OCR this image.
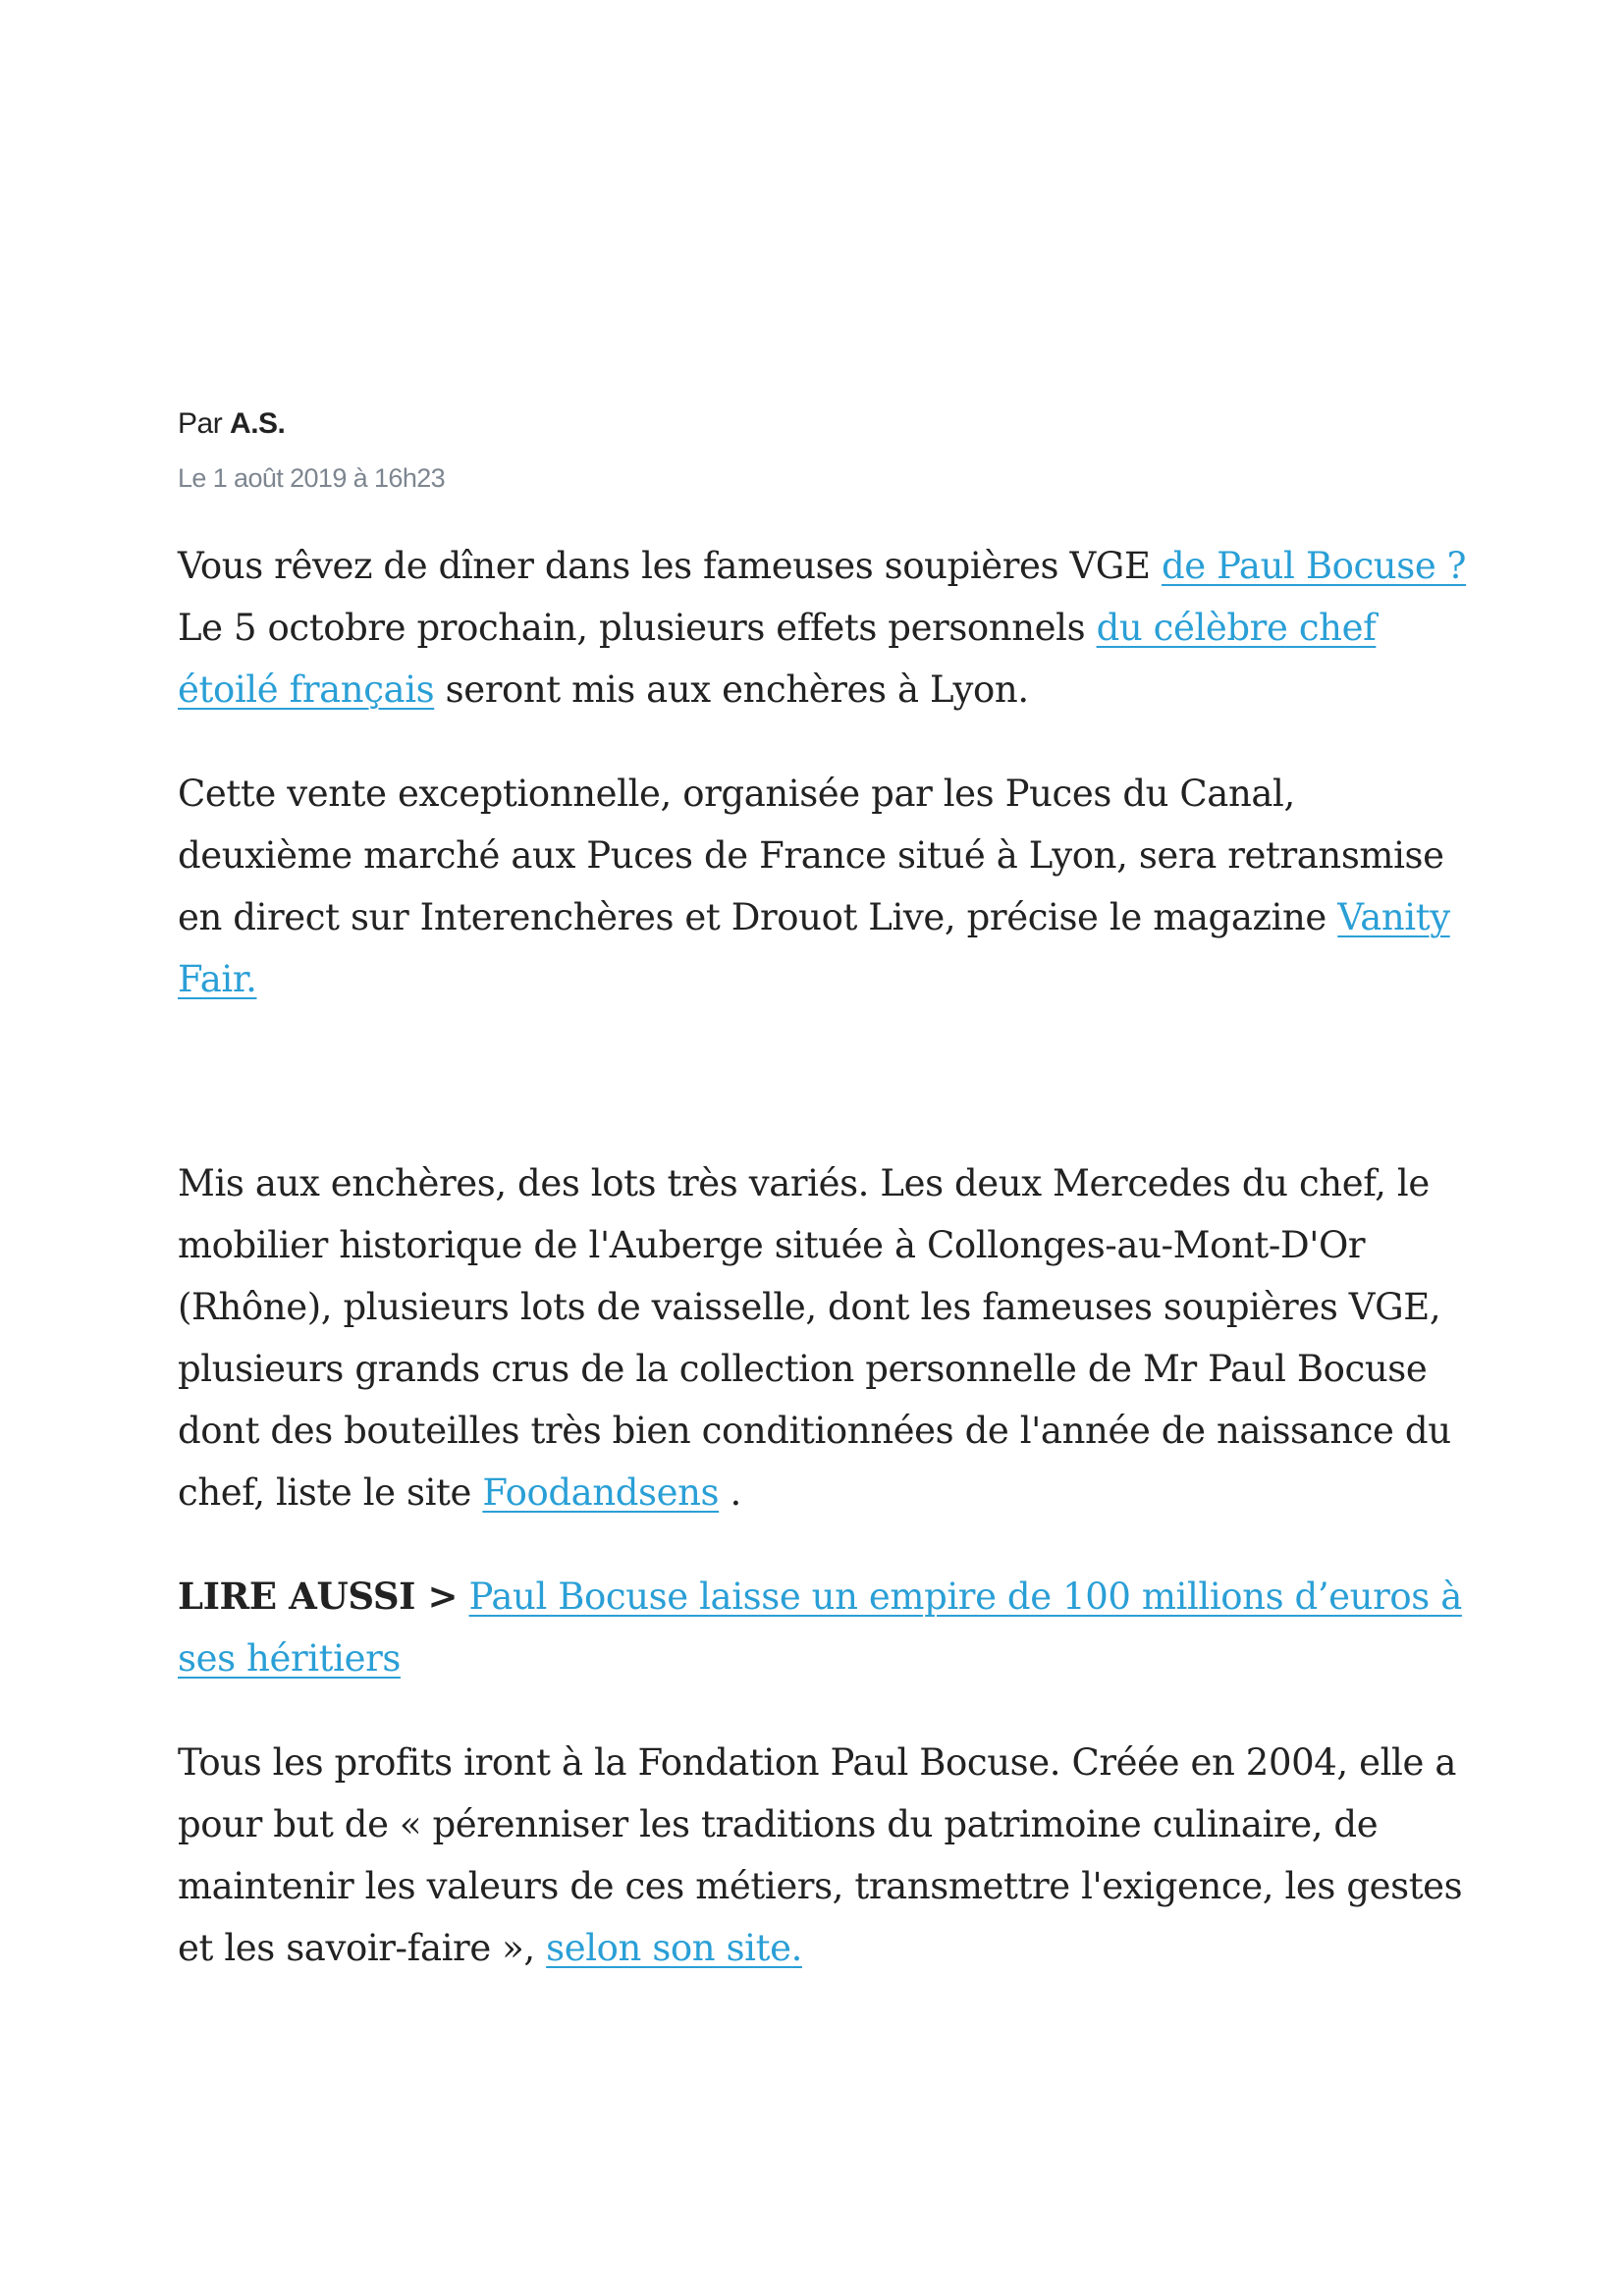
Par A.S.
Le 1 août 2019 à 16h23

Vous rêvez de dîner dans les fameuses soupières VGE de Paul Bocuse ? Le 5 octobre prochain, plusieurs effets personnels du célèbre chef étoilé français seront mis aux enchères à Lyon.

Cette vente exceptionnelle, organisée par les Puces du Canal, deuxième marché aux Puces de France situé à Lyon, sera retransmise en direct sur Interenchères et Drouot Live, précise le magazine Vanity Fair.

Mis aux enchères, des lots très variés. Les deux Mercedes du chef, le mobilier historique de l'Auberge située à Collonges-au-Mont-D'Or (Rhône), plusieurs lots de vaisselle, dont les fameuses soupières VGE, plusieurs grands crus de la collection personnelle de Mr Paul Bocuse dont des bouteilles très bien conditionnées de l'année de naissance du chef, liste le site Foodandsens .

LIRE AUSSI > Paul Bocuse laisse un empire de 100 millions d’euros à ses héritiers

Tous les profits iront à la Fondation Paul Bocuse. Créée en 2004, elle a pour but de « pérenniser les traditions du patrimoine culinaire, de maintenir les valeurs de ces métiers, transmettre l'exigence, les gestes et les savoir-faire », selon son site.
